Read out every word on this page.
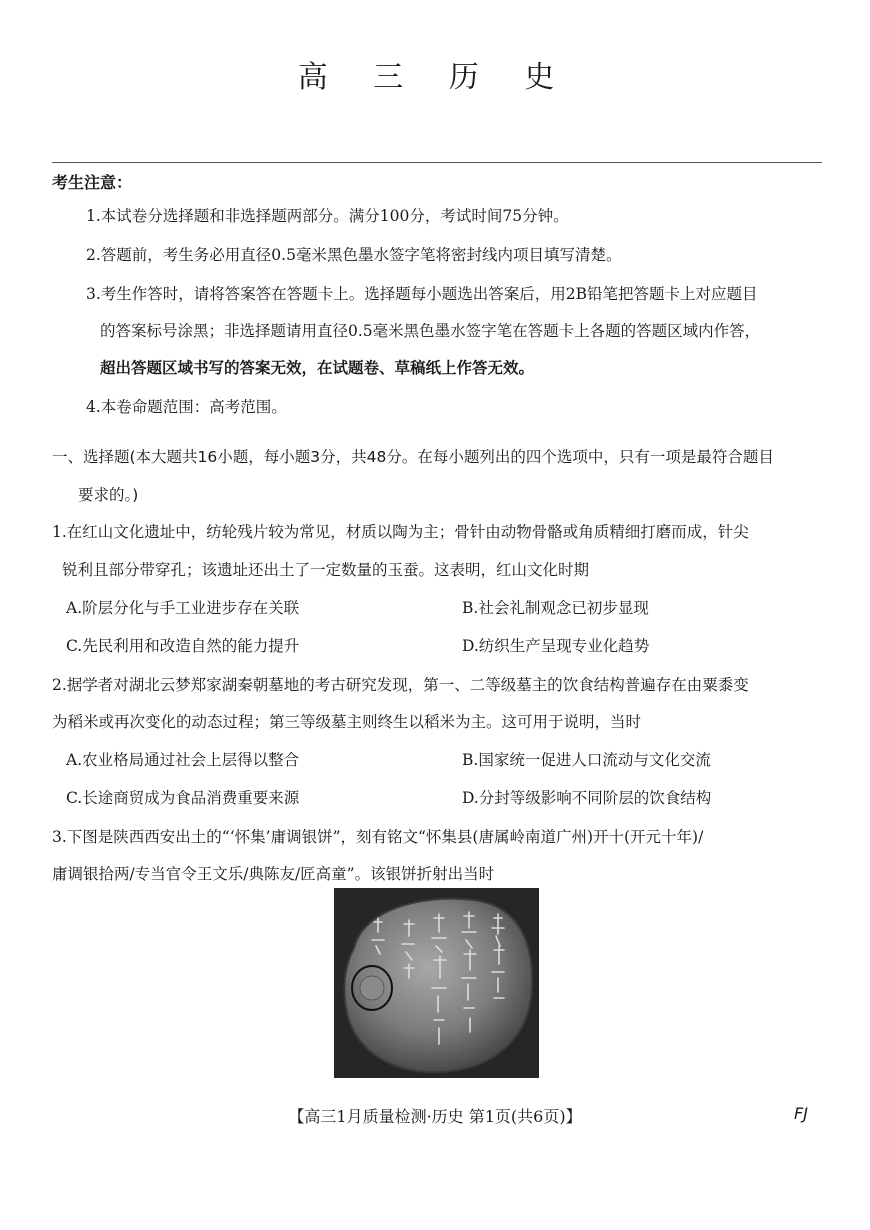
高 三 历 史
考生注意：
1.本试卷分选择题和非选择题两部分。满分100分，考试时间75分钟。
2.答题前，考生务必用直径0.5毫米黑色墨水签字笔将密封线内项目填写清楚。
3.考生作答时，请将答案答在答题卡上。选择题每小题选出答案后，用2B铅笔把答题卡上对应题目
的答案标号涂黑；非选择题请用直径0.5毫米黑色墨水签字笔在答题卡上各题的答题区域内作答，
超出答题区域书写的答案无效，在试题卷、草稿纸上作答无效。
4.本卷命题范围：高考范围。
一、选择题(本大题共16小题，每小题3分，共48分。在每小题列出的四个选项中，只有一项是最符合题目
要求的。)
1.在红山文化遗址中，纺轮残片较为常见，材质以陶为主；骨针由动物骨骼或角质精细打磨而成，针尖
锐利且部分带穿孔；该遗址还出土了一定数量的玉蚕。这表明，红山文化时期
A.阶层分化与手工业进步存在关联	B.社会礼制观念已初步显现
C.先民利用和改造自然的能力提升	D.纺织生产呈现专业化趋势
2.据学者对湖北云梦郑家湖秦朝墓地的考古研究发现，第一、二等级墓主的饮食结构普遍存在由粟黍变
为稻米或再次变化的动态过程；第三等级墓主则终生以稻米为主。这可用于说明，当时
A.农业格局通过社会上层得以整合	B.国家统一促进人口流动与文化交流
C.长途商贸成为食品消费重要来源	D.分封等级影响不同阶层的饮食结构
3.下图是陕西西安出土的“‘怀集’庸调银饼”，刻有铭文“怀集县(唐属岭南道广州)开十(开元十年)/
庸调银拾两/专当官令王文乐/典陈友/匠高童”。该银饼折射出当时
【高三1月质量检测·历史 第1页(共6页)】	FJ
